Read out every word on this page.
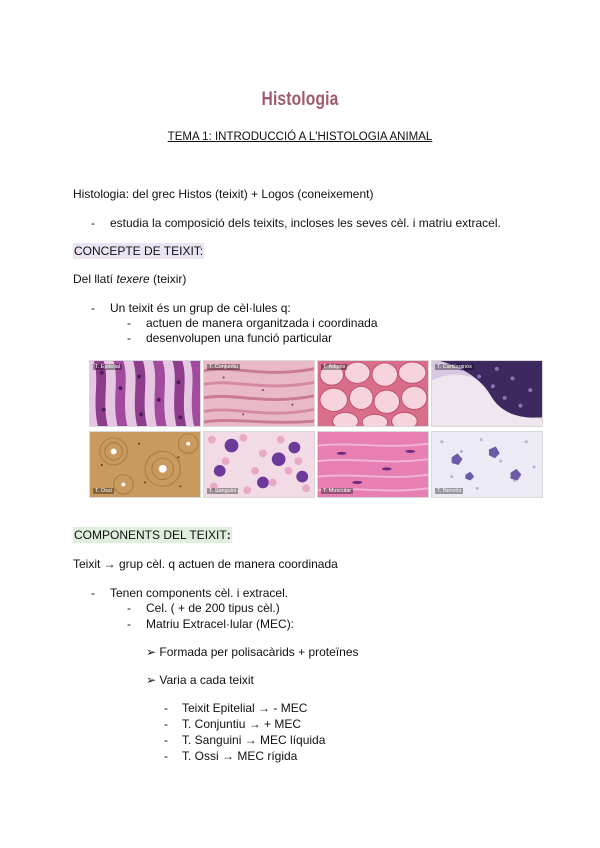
Histologia
TEMA 1: INTRODUCCIÓ A L'HISTOLOGIA ANIMAL
Histologia: del grec Histos (teixit) + Logos (coneixement)
- estudia la composició dels teixits, incloses les seves cèl. i matriu extracel.
CONCEPTE DE TEIXIT:
Del llatí texere (teixir)
- Un teixit és un grup de cèl·lules q:
- actuen de manera organitzada i coordinada
- desenvolupen una funció particular
T. Epitelial	T. Conjuntiu	T. Adipós	T. Cartilaginós
T. Ossi	T. Sanguini	T. Muscular	T. Nerviós
COMPONENTS DEL TEIXIT:
Teixit → grup cèl. q actuen de manera coordinada
- Tenen components cèl. i extracel.
- Cel. ( + de 200 tipus cèl.)
- Matriu Extracel·lular (MEC):
➢ Formada per polisacàrids + proteïnes
➢ Varia a cada teixit
- Teixit Epitelial → - MEC
- T. Conjuntiu → + MEC
- T. Sanguini → MEC líquida
- T. Ossi → MEC rígida
